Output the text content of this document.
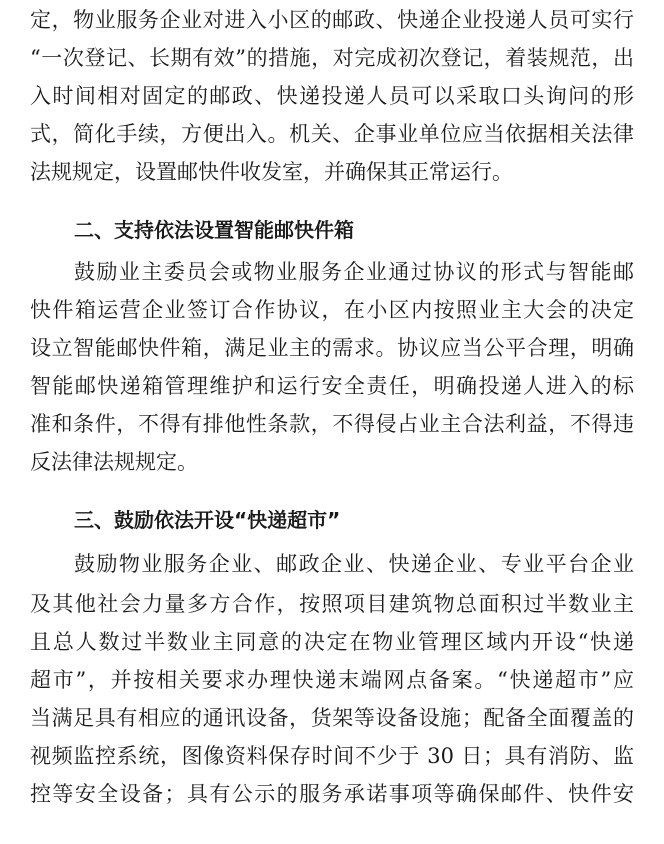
定，物业服务企业对进入小区的邮政、快递企业投递人员可实行
“一次登记、长期有效”的措施，对完成初次登记，着装规范，出
入时间相对固定的邮政、快递投递人员可以采取口头询问的形
式，简化手续，方便出入。机关、企事业单位应当依据相关法律
法规规定，设置邮快件收发室，并确保其正常运行。
二、支持依法设置智能邮快件箱
鼓励业主委员会或物业服务企业通过协议的形式与智能邮
快件箱运营企业签订合作协议，在小区内按照业主大会的决定
设立智能邮快件箱，满足业主的需求。协议应当公平合理，明确
智能邮快递箱管理维护和运行安全责任，明确投递人进入的标
准和条件，不得有排他性条款，不得侵占业主合法利益，不得违
反法律法规规定。
三、鼓励依法开设“快递超市”
鼓励物业服务企业、邮政企业、快递企业、专业平台企业
及其他社会力量多方合作，按照项目建筑物总面积过半数业主
且总人数过半数业主同意的决定在物业管理区域内开设“快递
超市”，并按相关要求办理快递末端网点备案。“快递超市”应
当满足具有相应的通讯设备，货架等设备设施；配备全面覆盖的
视频监控系统，图像资料保存时间不少于 30 日；具有消防、监
控等安全设备；具有公示的服务承诺事项等确保邮件、快件安
